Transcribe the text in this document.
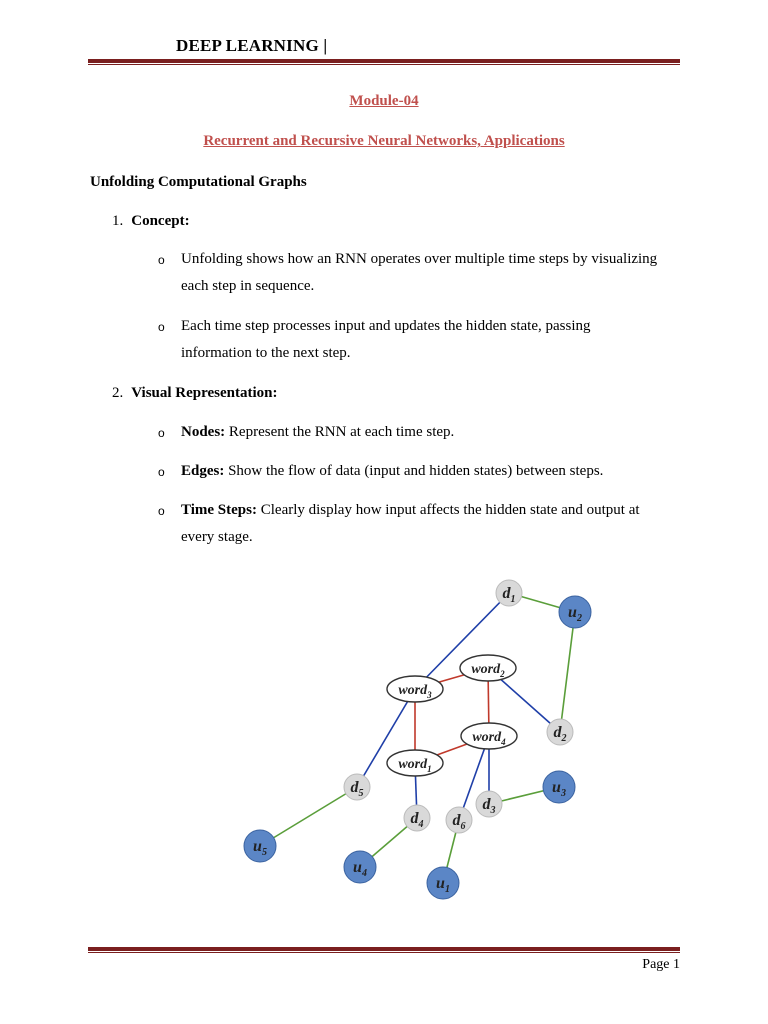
DEEP LEARNING |
Module-04
Recurrent and Recursive Neural Networks, Applications
Unfolding Computational Graphs
1. Concept:
o Unfolding shows how an RNN operates over multiple time steps by visualizing each step in sequence.
o Each time step processes input and updates the hidden state, passing information to the next step.
2. Visual Representation:
o Nodes: Represent the RNN at each time step.
o Edges: Show the flow of data (input and hidden states) between steps.
o Time Steps: Clearly display how input affects the hidden state and output at every stage.
$d_1$
$u_2$
word$_2$
word$_3$
word$_4$
word$_1$
$d_2$
$d_5$
$d_4$ $d_6$
$d_3$
$u_3$
$u_5$
$u_4$
$u_1$
Page 1
